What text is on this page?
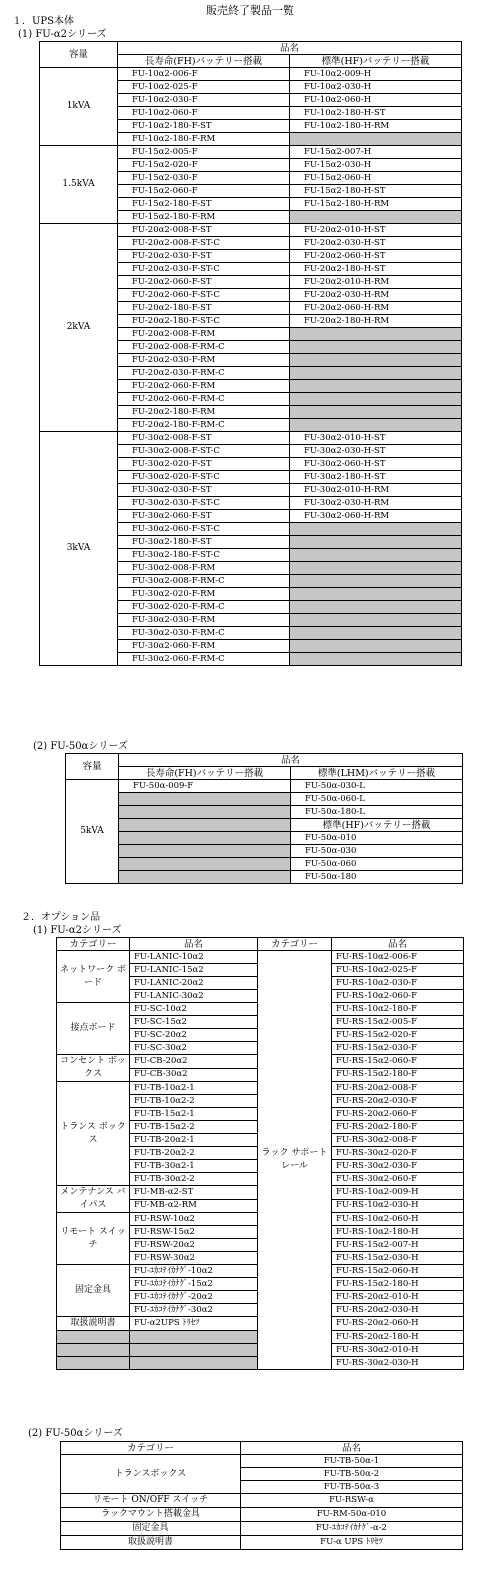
販売終了製品一覧
１．UPS本体
(1) FU-α2シリーズ
容量	品名	
	長寿命(FH)バッテリー搭載	標準(HF)バッテリー搭載
1kVA	FU-10α2-006-F	FU-10α2-009-H
	FU-10α2-025-F	FU-10α2-030-H
	FU-10α2-030-F	FU-10α2-060-H
	FU-10α2-060-F	FU-10α2-180-H-ST
	FU-10α2-180-F-ST	FU-10α2-180-H-RM
	FU-10α2-180-F-RM	
1.5kVA	FU-15α2-005-F	FU-15α2-007-H
	FU-15α2-020-F	FU-15α2-030-H
	FU-15α2-030-F	FU-15α2-060-H
	FU-15α2-060-F	FU-15α2-180-H-ST
	FU-15α2-180-F-ST	FU-15α2-180-H-RM
	FU-15α2-180-F-RM	
2kVA	FU-20α2-008-F-ST	FU-20α2-010-H-ST
	FU-20α2-008-F-ST-C	FU-20α2-030-H-ST
	FU-20α2-030-F-ST	FU-20α2-060-H-ST
	FU-20α2-030-F-ST-C	FU-20α2-180-H-ST
	FU-20α2-060-F-ST	FU-20α2-010-H-RM
	FU-20α2-060-F-ST-C	FU-20α2-030-H-RM
	FU-20α2-180-F-ST	FU-20α2-060-H-RM
	FU-20α2-180-F-ST-C	FU-20α2-180-H-RM
	FU-20α2-008-F-RM	
	FU-20α2-008-F-RM-C	
	FU-20α2-030-F-RM	
	FU-20α2-030-F-RM-C	
	FU-20α2-060-F-RM	
	FU-20α2-060-F-RM-C	
	FU-20α2-180-F-RM	
	FU-20α2-180-F-RM-C	
3kVA	FU-30α2-008-F-ST	FU-30α2-010-H-ST
	FU-30α2-008-F-ST-C	FU-30α2-030-H-ST
	FU-30α2-020-F-ST	FU-30α2-060-H-ST
	FU-30α2-020-F-ST-C	FU-30α2-180-H-ST
	FU-30α2-030-F-ST	FU-30α2-010-H-RM
	FU-30α2-030-F-ST-C	FU-30α2-030-H-RM
	FU-30α2-060-F-ST	FU-30α2-060-H-RM
	FU-30α2-060-F-ST-C	
	FU-30α2-180-F-ST	
	FU-30α2-180-F-ST-C	
	FU-30α2-008-F-RM	
	FU-30α2-008-F-RM-C	
	FU-30α2-020-F-RM	
	FU-30α2-020-F-RM-C	
	FU-30α2-030-F-RM	
	FU-30α2-030-F-RM-C	
	FU-30α2-060-F-RM	
	FU-30α2-060-F-RM-C	
(2) FU-50αシリーズ
容量	品名	
	長寿命(FH)バッテリー搭載	標準(LHM)バッテリー搭載
5kVA	FU-50α-009-F	FU-50α-030-L
		FU-50α-060-L
		FU-50α-180-L
		標準(HF)バッテリー搭載
		FU-50α-010
		FU-50α-030
		FU-50α-060
		FU-50α-180
２．オプション品
(1) FU-α2シリーズ
カテゴリー	品名	カテゴリー	品名
ネットワーク ボード	FU-LANIC-10α2	ラック サポート レール	FU-RS-10α2-006-F
	FU-LANIC-15α2		FU-RS-10α2-025-F
	FU-LANIC-20α2		FU-RS-10α2-030-F
	FU-LANIC-30α2		FU-RS-10α2-060-F
接点ボード	FU-SC-10α2		FU-RS-10α2-180-F
	FU-SC-15α2		FU-RS-15α2-005-F
	FU-SC-20α2		FU-RS-15α2-020-F
	FU-SC-30α2		FU-RS-15α2-030-F
コンセント ボックス	FU-CB-20α2		FU-RS-15α2-060-F
	FU-CB-30α2		FU-RS-15α2-180-F
トランス ボックス	FU-TB-10α2-1		FU-RS-20α2-008-F
	FU-TB-10α2-2		FU-RS-20α2-030-F
	FU-TB-15α2-1		FU-RS-20α2-060-F
	FU-TB-15α2-2		FU-RS-20α2-180-F
	FU-TB-20α2-1		FU-RS-30α2-008-F
	FU-TB-20α2-2		FU-RS-30α2-020-F
	FU-TB-30α2-1		FU-RS-30α2-030-F
	FU-TB-30α2-2		FU-RS-30α2-060-F
メンテナンス バイパス	FU-MB-α2-ST		FU-RS-10α2-009-H
	FU-MB-α2-RM		FU-RS-10α2-030-H
リモート スイッチ	FU-RSW-10α2		FU-RS-10α2-060-H
	FU-RSW-15α2		FU-RS-10α2-180-H
	FU-RSW-20α2		FU-RS-15α2-007-H
	FU-RSW-30α2		FU-RS-15α2-030-H
固定金具	FU-ﾕｶｺﾃｲｶﾅｸﾞ-10α2		FU-RS-15α2-060-H
	FU-ﾕｶｺﾃｲｶﾅｸﾞ-15α2		FU-RS-15α2-180-H
	FU-ﾕｶｺﾃｲｶﾅｸﾞ-20α2		FU-RS-20α2-010-H
	FU-ﾕｶｺﾃｲｶﾅｸﾞ-30α2		FU-RS-20α2-030-H
取扱説明書	FU-α2UPS ﾄﾘｾﾂ		FU-RS-20α2-060-H
			FU-RS-20α2-180-H
			FU-RS-30α2-010-H
			FU-RS-30α2-030-H
(2) FU-50αシリーズ
カテゴリー	品名
トランスボックス	FU-TB-50α-1
	FU-TB-50α-2
	FU-TB-50α-3
リモート ON/OFF スイッチ	FU-RSW-α
ラックマウント搭載金具	FU-RM-50α-010
固定金具	FU-ﾕｶｺﾃｲｶﾅｸﾞ-α-2
取扱説明書	FU-α UPS ﾄﾘｾﾂ
